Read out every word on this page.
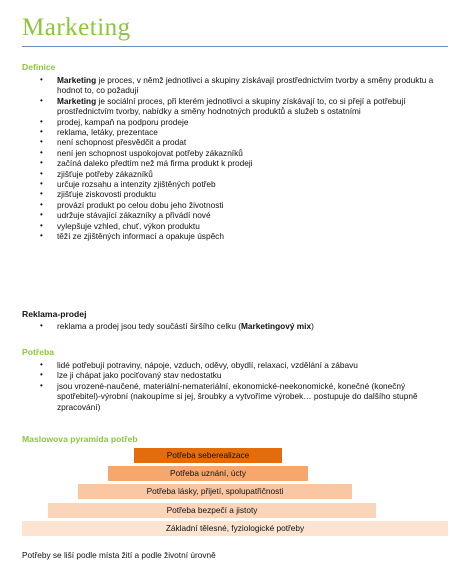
Marketing
Definice
• Marketing je proces, v němž jednotlivci a skupiny získávají prostřednictvím tvorby a směny produktu a hodnot to, co požadují
• Marketing je sociální proces, při kterém jednotlivci a skupiny získávají to, co si přejí a potřebují prostřednictvím tvorby, nabídky a směny hodnotných produktů a služeb s ostatními
• prodej, kampaň na podporu prodeje
• reklama, letáky, prezentace
• není schopnost přesvědčit a prodat
• není jen schopnost uspokojovat potřeby zákazníků
• začíná daleko předtím než má firma produkt k prodeji
• zjišťuje potřeby zákazníků
• určuje rozsahu a intenzity zjištěných potřeb
• zjišťuje ziskovosti produktu
• provází produkt po celou dobu jeho životnosti
• udržuje stávající zákazníky a přivádí nové
• vylepšuje vzhled, chuť, výkon produktu
• těží ze zjištěných informací a opakuje úspěch
Reklama-prodej
• reklama a prodej jsou tedy součástí širšího celku (Marketingový mix)
Potřeba
• lidé potřebují potraviny, nápoje, vzduch, oděvy, obydlí, relaxaci, vzdělání a zábavu
• lze ji chápat jako pociťovaný stav nedostatku
• jsou vrozené-naučené, materiální-nemateriální, ekonomické-neekonomické, konečné (konečný spotřebitel)-výrobní (nakoupíme si jej, šroubky a vytvoříme výrobek… postupuje do dalšího stupně zpracování)
Maslowova pyramida potřeb
Potřeba seberealizace
Potřeba uznání, úcty
Potřeba lásky, přijetí, spolupatřičnosti
Potřeba bezpečí a jistoty
Základní tělesné, fyziologické potřeby
Potřeby se liší podle místa žití a podle životní úrovně
